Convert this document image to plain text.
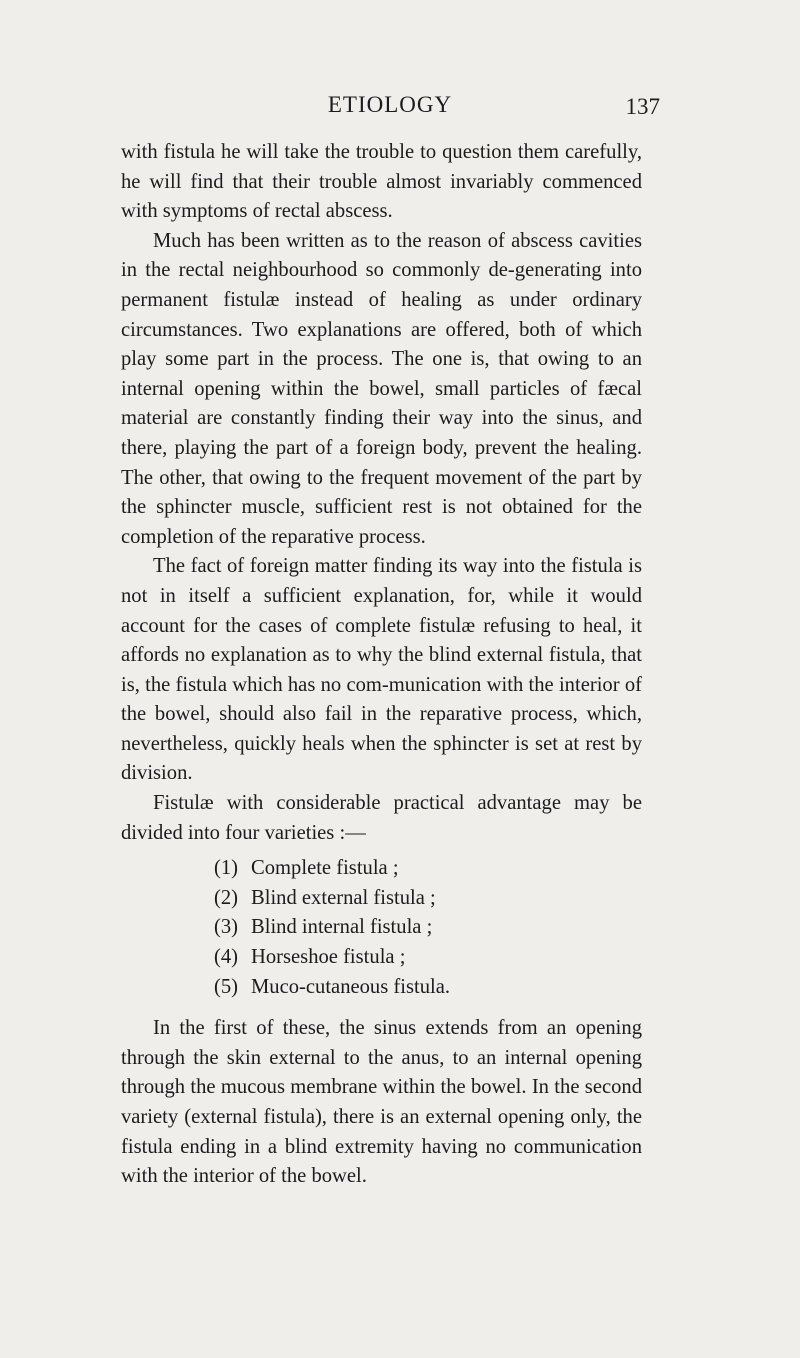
ETIOLOGY	137

with fistula he will take the trouble to question them carefully, he will find that their trouble almost invariably commenced with symptoms of rectal abscess.

Much has been written as to the reason of abscess cavities in the rectal neighbourhood so commonly de-generating into permanent fistulæ instead of healing as under ordinary circumstances. Two explanations are offered, both of which play some part in the process. The one is, that owing to an internal opening within the bowel, small particles of fæcal material are constantly finding their way into the sinus, and there, playing the part of a foreign body, prevent the healing. The other, that owing to the frequent movement of the part by the sphincter muscle, sufficient rest is not obtained for the completion of the reparative process.

The fact of foreign matter finding its way into the fistula is not in itself a sufficient explanation, for, while it would account for the cases of complete fistulæ refusing to heal, it affords no explanation as to why the blind external fistula, that is, the fistula which has no com-munication with the interior of the bowel, should also fail in the reparative process, which, nevertheless, quickly heals when the sphincter is set at rest by division.

Fistulæ with considerable practical advantage may be divided into four varieties :—

(1) Complete fistula ;
(2) Blind external fistula ;
(3) Blind internal fistula ;
(4) Horseshoe fistula ;
(5) Muco-cutaneous fistula.

In the first of these, the sinus extends from an opening through the skin external to the anus, to an internal opening through the mucous membrane within the bowel. In the second variety (external fistula), there is an external opening only, the fistula ending in a blind extremity having no communication with the interior of the bowel.
